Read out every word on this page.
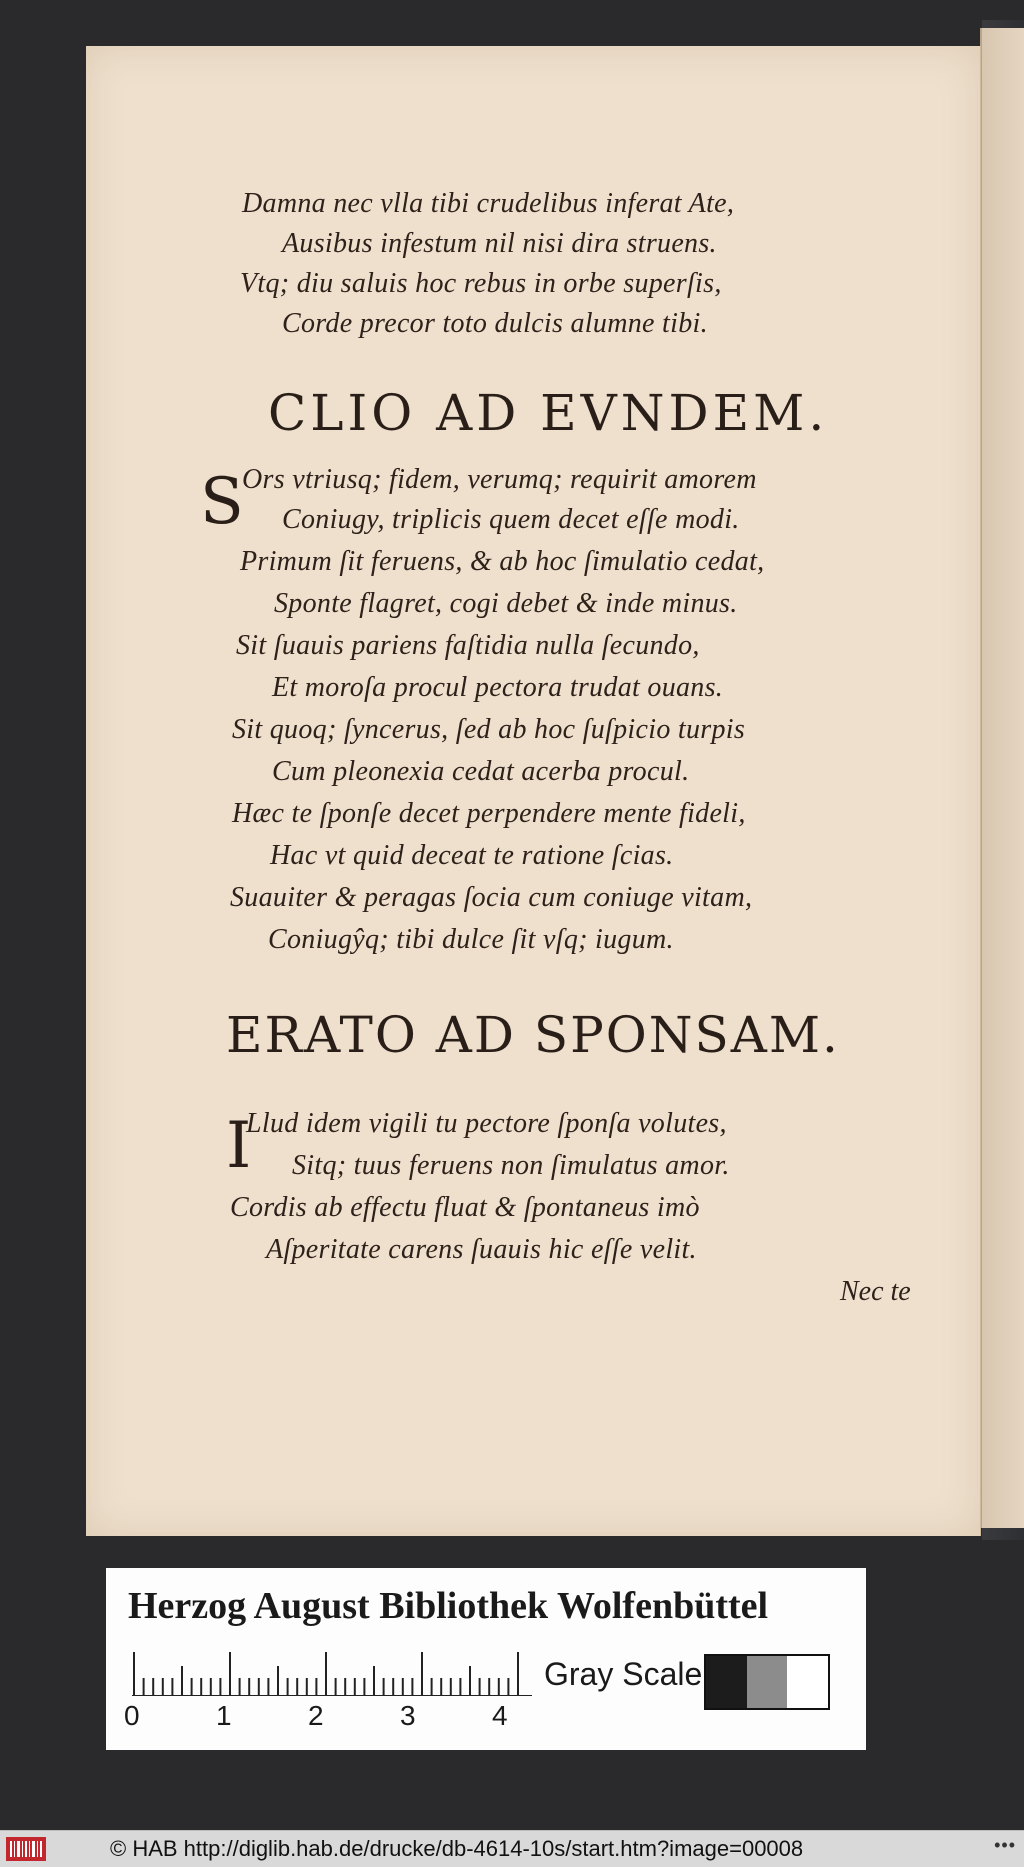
Damna nec vlla tibi crudelibus inferat Ate,
Ausibus infestum nil nisi dira struens.
Vtq; diu saluis hoc rebus in orbe superſis,
Corde precor toto dulcis alumne tibi.
CLIO AD EVNDEM.
S
Ors vtriusq; fidem, verumq; requirit amorem
Coniugy, triplicis quem decet eſſe modi.
Primum ſit feruens, & ab hoc ſimulatio cedat,
Sponte flagret, cogi debet & inde minus.
Sit ſuauis pariens faſtidia nulla ſecundo,
Et moroſa procul pectora trudat ouans.
Sit quoq; ſyncerus, ſed ab hoc ſuſpicio turpis
Cum pleonexia cedat acerba procul.
Hæc te ſponſe decet perpendere mente fideli,
Hac vt quid deceat te ratione ſcias.
Suauiter & peragas ſocia cum coniuge vitam,
Coniugŷq; tibi dulce ſit vſq; iugum.
ERATO AD SPONSAM.
I
Llud idem vigili tu pectore ſponſa volutes,
Sitq; tuus feruens non ſimulatus amor.
Cordis ab effectu fluat & ſpontaneus imò
Aſperitate carens ſuauis hic eſſe velit.
Nec te
Herzog August Bibliothek Wolfenbüttel
0	1	2	3	4
Gray Scale
© HAB http://diglib.hab.de/drucke/db-4614-10s/start.htm?image=00008	•••
